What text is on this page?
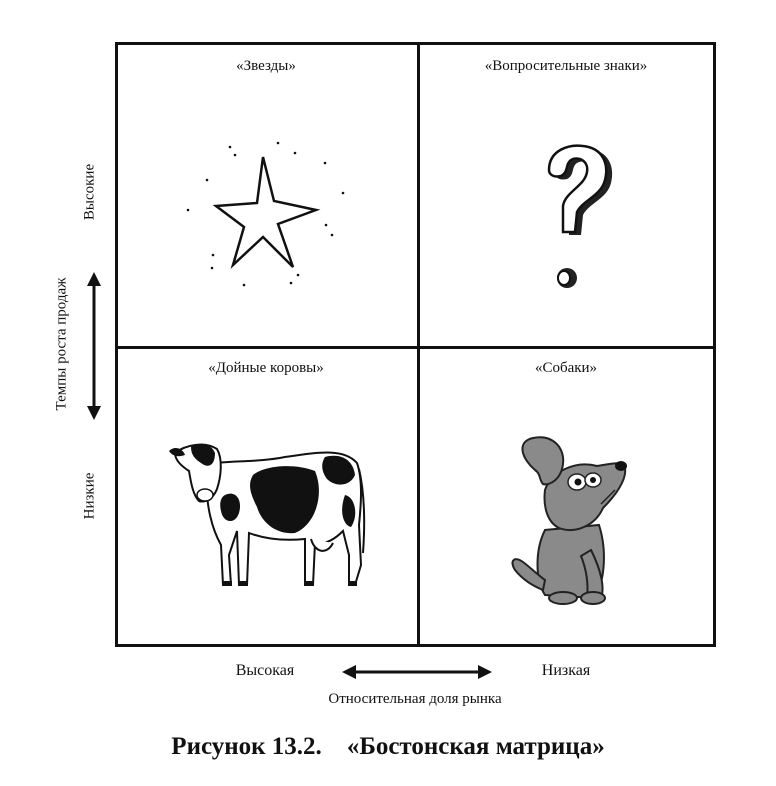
«Звезды»	«Вопросительные знаки»
«Дойные коровы»	«Собаки»
Высокие
Низкие
Темпы роста продаж
Высокая	Низкая
Относительная доля рынка
Рисунок 13.2. «Бостонская матрица»
